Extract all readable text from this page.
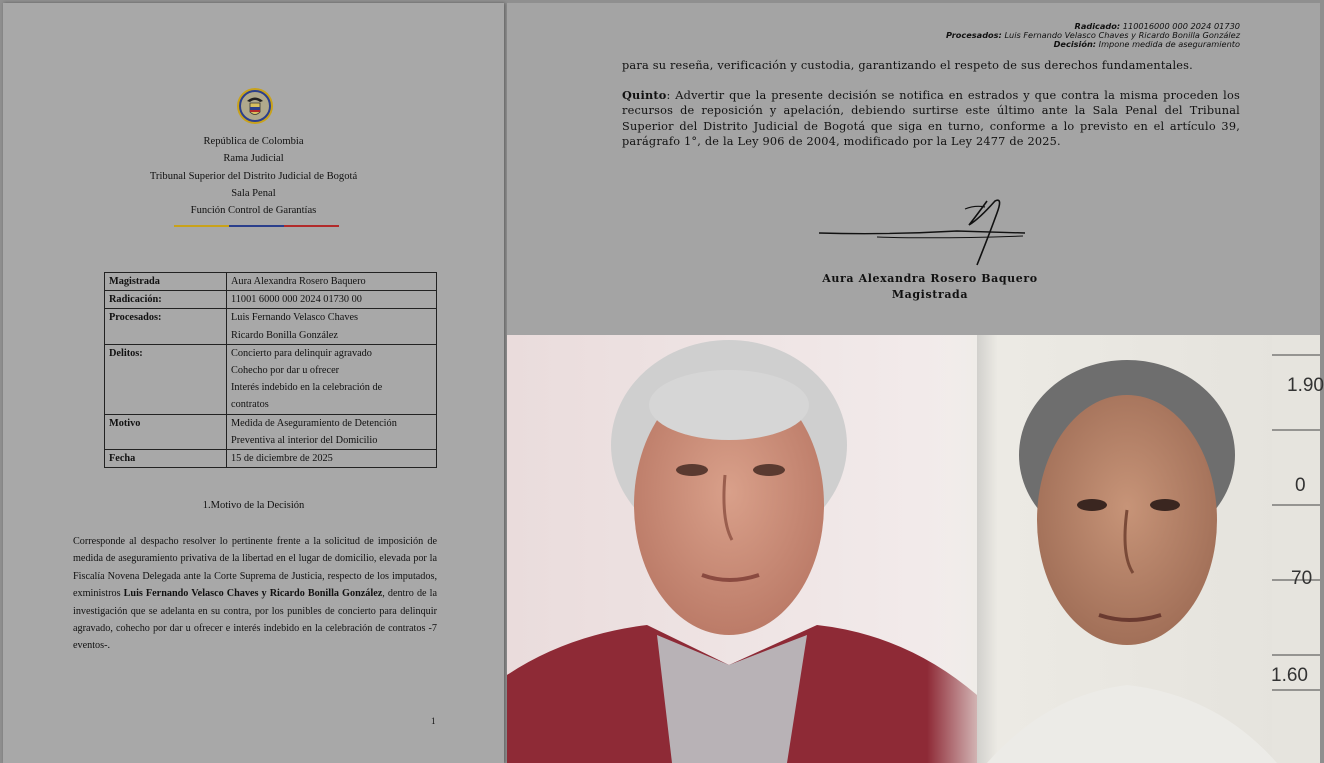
República de Colombia
Rama Judicial
Tribunal Superior del Distrito Judicial de Bogotá
Sala Penal
Función Control de Garantías
Magistrada	Aura Alexandra Rosero Baquero

Radicación:	11001 6000 000 2024 01730 00

Procesados:	Luis Fernando Velasco Chaves
Ricardo Bonilla González

Delitos:	Concierto para delinquir agravado
Cohecho por dar u ofrecer
Interés indebido en la celebración de
contratos

Motivo	Medida de Aseguramiento de Detención
Preventiva al interior del Domicilio

Fecha	15 de diciembre de 2025
1.Motivo de la Decisión

Corresponde al despacho resolver lo pertinente frente a la solicitud de imposición de medida de aseguramiento privativa de la libertad en el lugar de domicilio, elevada por la Fiscalía Novena Delegada ante la Corte Suprema de Justicia, respecto de los imputados, exministros Luis Fernando Velasco Chaves y Ricardo Bonilla González, dentro de la investigación que se adelanta en su contra, por los punibles de concierto para delinquir agravado, cohecho por dar u ofrecer e interés indebido en la celebración de contratos -7 eventos-.

1
Radicado: 110016000 000 2024 01730
Procesados: Luis Fernando Velasco Chaves y Ricardo Bonilla González
Decisión: Impone medida de aseguramiento

para su reseña, verificación y custodia, garantizando el respeto de sus derechos fundamentales.

Quinto: Advertir que la presente decisión se notifica en estrados y que contra la misma proceden los recursos de reposición y apelación, debiendo surtirse este último ante la Sala Penal del Tribunal Superior del Distrito Judicial de Bogotá que siga en turno, conforme a lo previsto en el artículo 39, parágrafo 1°, de la Ley 906 de 2004, modificado por la Ley 2477 de 2025.

Aura Alexandra Rosero Baquero
Magistrada
1.90
0
70
1.60
